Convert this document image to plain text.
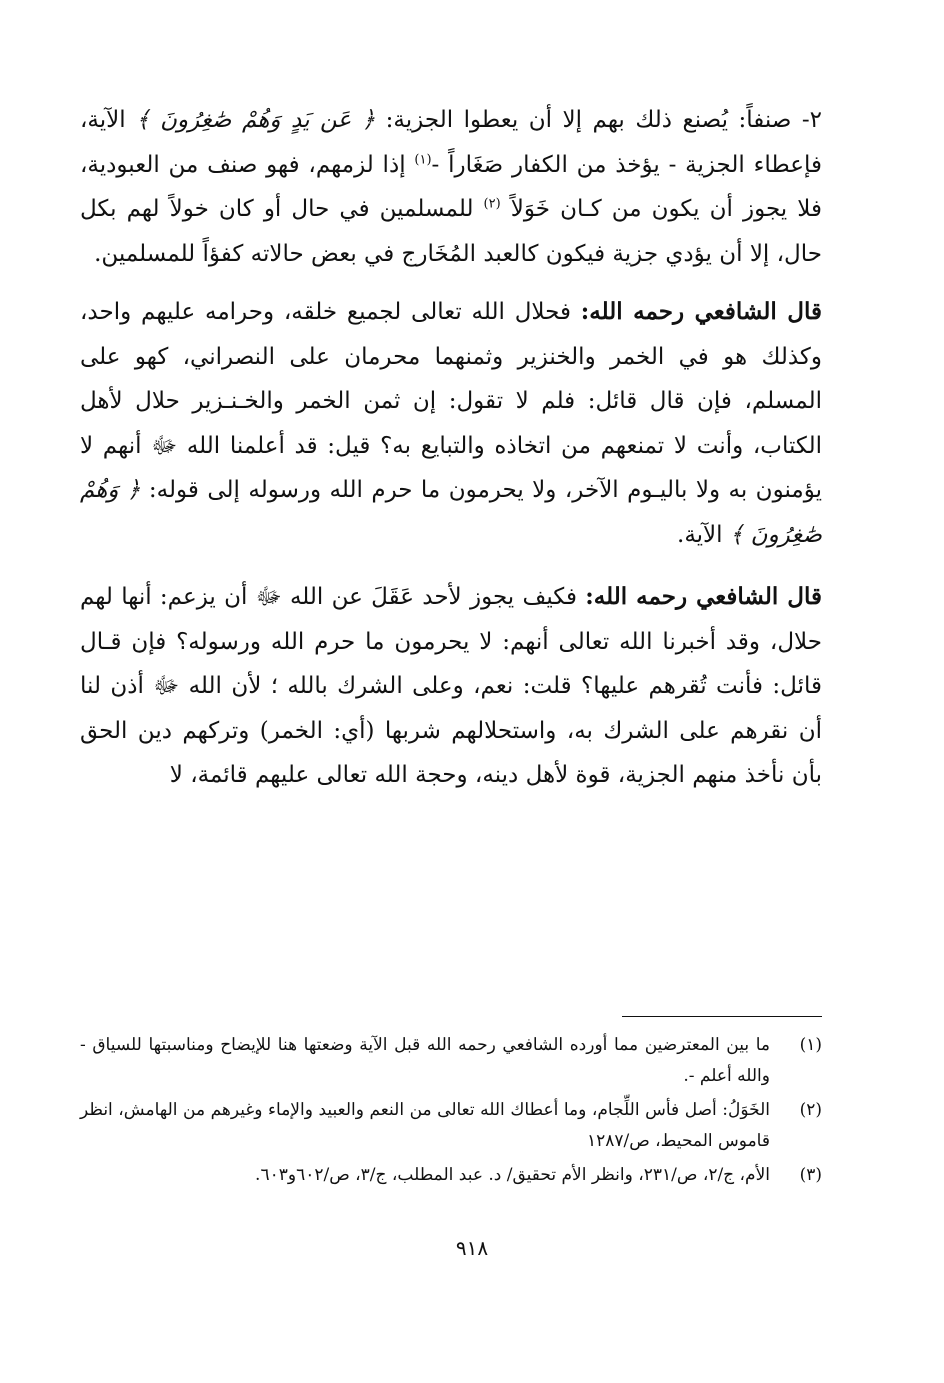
٢- صنفاً: يُصنع ذلك بهم إلا أن يعطوا الجزية: ﴿ عَن يَدٍ وَهُمْ صَٰغِرُونَ ﴾ الآية، فإعطاء الجزية - يؤخذ من الكفار صَغَاراً -$^{(١)}$ إذا لزمهم، فهو صنف من العبودية، فلا يجوز أن يكون من كـان خَوَلاً $^{(٢)}$ للمسلمين في حال أو كان خولاً لهم بكل حال، إلا أن يؤدي جزية فيكون كالعبد المُخَارج في بعض حالاته كفؤاً للمسلمين.

قال الشافعي رحمه الله: فحلال الله تعالى لجميع خلقه، وحرامه عليهم واحد، وكذلك هو في الخمر والخنزير وثمنهما محرمان على النصراني، كهو على المسلم، فإن قال قائل: فلم لا تقول: إن ثمن الخمر والخـنـزير حلال لأهل الكتاب، وأنت لا تمنعهم من اتخاذه والتبايع به؟ قيل: قد أعلمنا الله ﷻ أنهم لا يؤمنون به ولا باليـوم الآخر، ولا يحرمون ما حرم الله ورسوله إلى قوله: ﴿ وَهُمْ صَٰغِرُونَ ﴾ الآية.

قال الشافعي رحمه الله: فكيف يجوز لأحد عَقَلَ عن الله ﷻ أن يزعم: أنها لهم حلال، وقد أخبرنا الله تعالى أنهم: لا يحرمون ما حرم الله ورسوله؟ فإن قـال قائل: فأنت تُقرهم عليها؟ قلت: نعم، وعلى الشرك بالله ؛ لأن الله ﷻ أذن لنا أن نقرهم على الشرك به، واستحلالهم شربها (أي: الخمر) وتركهم دين الحق بأن نأخذ منهم الجزية، قوة لأهل دينه، وحجة الله تعالى عليهم قائمة، لا

(١)
ما بين المعترضين مما أورده الشافعي رحمه الله قبل الآية وضعتها هنا للإيضاح ومناسبتها للسياق - والله أعلم -.
(٢)
الخَوَلُ: أصل فأس اللِّجام، وما أعطاك الله تعالى من النعم والعبيد والإماء وغيرهم من الهامش، انظر قاموس المحيط، ص/١٢٨٧
(٣)
الأم، ج/٢، ص/٢٣١، وانظر الأم تحقيق/ د. عبد المطلب، ج/٣، ص/٦٠٢و٦٠٣.
٩١٨
